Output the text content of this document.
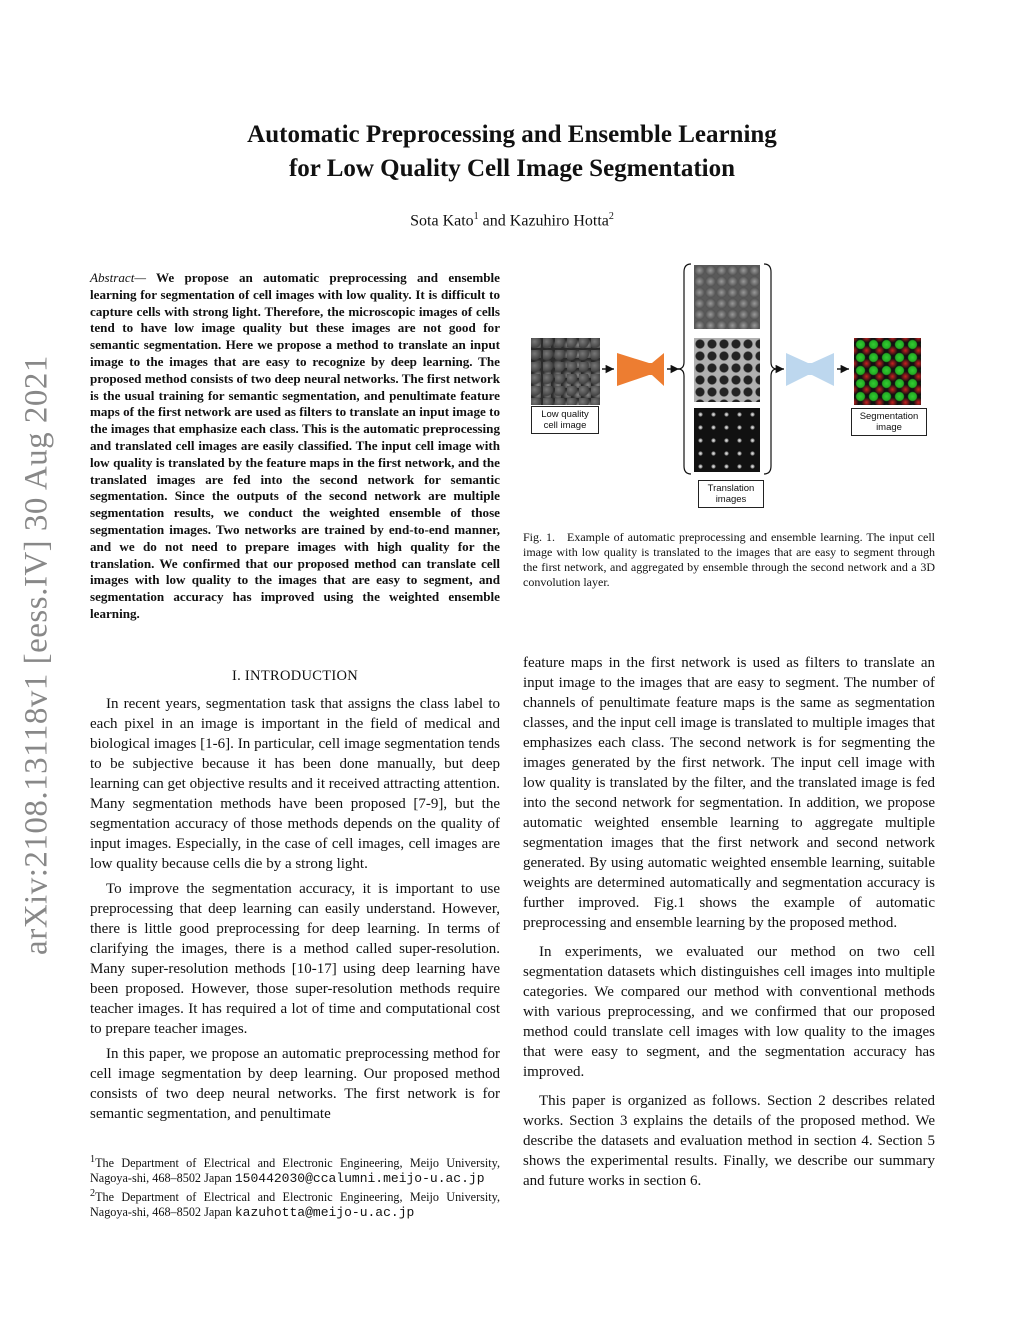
arXiv:2108.13118v1 [eess.IV] 30 Aug 2021
Automatic Preprocessing and Ensemble Learning
for Low Quality Cell Image Segmentation
Sota Kato$^1$ and Kazuhiro Hotta$^2$
Abstract— We propose an automatic preprocessing and ensemble learning for segmentation of cell images with low quality. It is difficult to capture cells with strong light. Therefore, the microscopic images of cells tend to have low image quality but these images are not good for semantic segmentation. Here we propose a method to translate an input image to the images that are easy to recognize by deep learning. The proposed method consists of two deep neural networks. The first network is the usual training for semantic segmentation, and penultimate feature maps of the first network are used as filters to translate an input image to the images that emphasize each class. This is the automatic preprocessing and translated cell images are easily classified. The input cell image with low quality is translated by the feature maps in the first network, and the translated images are fed into the second network for semantic segmentation. Since the outputs of the second network are multiple segmentation results, we conduct the weighted ensemble of those segmentation images. Two networks are trained by end-to-end manner, and we do not need to prepare images with high quality for the translation. We confirmed that our proposed method can translate cell images with low quality to the images that are easy to segment, and segmentation accuracy has improved using the weighted ensemble learning.
I. INTRODUCTION

In recent years, segmentation task that assigns the class label to each pixel in an image is important in the field of medical and biological images [1-6]. In particular, cell image segmentation tends to be subjective because it has been done manually, but deep learning can get objective results and it received attracting attention. Many segmentation methods have been proposed [7-9], but the segmentation accuracy of those methods depends on the quality of input images. Especially, in the case of cell images, cell images are low quality because cells die by a strong light.

To improve the segmentation accuracy, it is important to use preprocessing that deep learning can easily understand. However, there is little good preprocessing for deep learning. In terms of clarifying the images, there is a method called super-resolution. Many super-resolution methods [10-17] using deep learning have been proposed. However, those super-resolution methods require teacher images. It has required a lot of time and computational cost to prepare teacher images.

In this paper, we propose an automatic preprocessing method for cell image segmentation by deep learning. Our proposed method consists of two deep neural networks. The first network is for semantic segmentation, and penultimate

$^1$The Department of Electrical and Electronic Engineering, Meijo University, Nagoya-shi, 468–8502 Japan 150442030@ccalumni.meijo-u.ac.jp

$^2$The Department of Electrical and Electronic Engineering, Meijo University, Nagoya-shi, 468–8502 Japan kazuhotta@meijo-u.ac.jp

Low quality cell image
Translation images
Segmentation image
Fig. 1. Example of automatic preprocessing and ensemble learning. The input cell image with low quality is translated to the images that are easy to segment through the first network, and aggregated by ensemble through the second network and a 3D convolution layer.

feature maps in the first network is used as filters to translate an input image to the images that are easy to segment. The number of channels of penultimate feature maps is the same as segmentation classes, and the input cell image is translated to multiple images that emphasizes each class. The second network is for segmenting the images generated by the first network. The input cell image with low quality is translated by the filter, and the translated image is fed into the second network for segmentation. In addition, we propose automatic weighted ensemble learning to aggregate multiple segmentation images that the first network and second network generated. By using automatic weighted ensemble learning, suitable weights are determined automatically and segmentation accuracy is further improved. Fig.1 shows the example of automatic preprocessing and ensemble learning by the proposed method.

In experiments, we evaluated our method on two cell segmentation datasets which distinguishes cell images into multiple categories. We compared our method with conventional methods with various preprocessing, and we confirmed that our proposed method could translate cell images with low quality to the images that were easy to segment, and the segmentation accuracy has improved.

This paper is organized as follows. Section 2 describes related works. Section 3 explains the details of the proposed method. We describe the datasets and evaluation method in section 4. Section 5 shows the experimental results. Finally, we describe our summary and future works in section 6.
